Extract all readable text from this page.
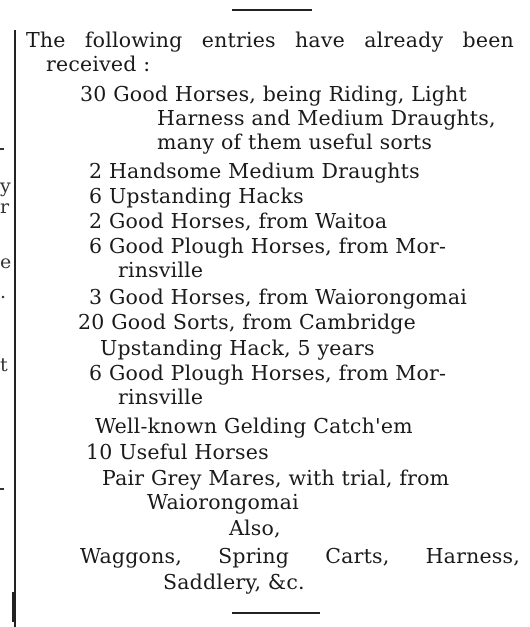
y
r
e
.
t
The following entries have already been
received :
30 Good Horses, being Riding, Light
Harness and Medium Draughts,
many of them useful sorts
2 Handsome Medium Draughts
6 Upstanding Hacks
2 Good Horses, from Waitoa
6 Good Plough Horses, from Mor-
rinsville
3 Good Horses, from Waiorongomai
20 Good Sorts, from Cambridge
Upstanding Hack, 5 years
6 Good Plough Horses, from Mor-
rinsville
Well-known Gelding Catch'em
10 Useful Horses
Pair Grey Mares, with trial, from
Waiorongomai
Also,
Waggons, Spring Carts, Harness,
Saddlery, &c.
